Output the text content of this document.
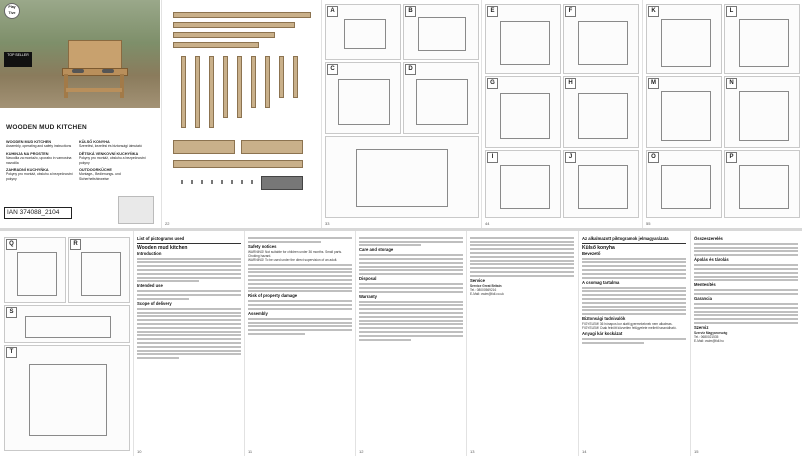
Play Tive
TOP SELLER
WOODEN MUD KITCHEN
WOODEN MUD KITCHEN
Assembly, operating and safety instructions
KUHINJA NA PROSTEN
Navodila za montažo, uporabo in varnostna navodila
ZAHRADNÍ KUCHYŇKA
Pokyny pro montáž, obsluhu a bezpečnostní pokyny
KÜLSŐ KONYHA
Szerelési, kezelési és biztonsági útmutató
DĚTSKÁ VENKOVNÍ KUCHYŇKA
Pokyny pro montáž, obsluhu a bezpečnostní pokyny
OUTDOORKÜCHE
Montage-, Bedienungs- und Sicherheitshinweise
IAN 374088_2104
22
A	B
C	D
33
E	F
G	H
I	J
44
K	L
M	N
O	P
55
Q	R
S
T
List of pictograms used
Wooden mud kitchen
Introduction
Intended use
Scope of delivery
10
Safety notices
WARNING! Not suitable for children under 36 months. Small parts. Choking hazard.
WARNING! To be used under the direct supervision of an adult.
Risk of property damage
Assembly
11
Care and storage
Disposal
Warranty
12
Service
Service Great Britain
Tel.: 08000569216
E-Mail: owim@lidl.co.uk
13
Az alkalmazott piktogramok jelmagyarázata
Külső konyha
Bevezető
A csomag tartalma
Biztonsági tudnivalók
FIGYELEM! 36 hónapos kor alatti gyermekeknek nem alkalmas.
FIGYELEM! Csak felnőtt közvetlen felügyelete mellett használható.
Anyagi kár kockázat
14
Összeszerelés
Ápolás és tárolás
Mentesítés
Garancia
Szerviz
Szerviz Magyarország
Tel.: 0680021535
E-Mail: owim@lidl.hu
15
